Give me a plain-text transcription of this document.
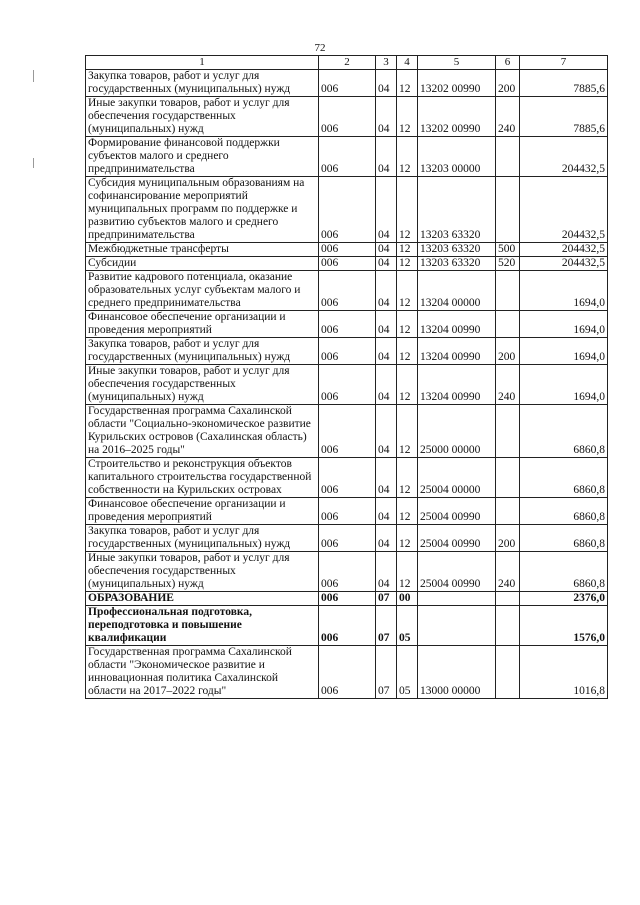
72
1	2	3	4	5	6	7
Закупка товаров, работ и услуг для государственных (муниципальных) нужд	006	04	12	13202 00990	200	7885,6
Иные закупки товаров, работ и услуг для обеспечения государственных (муниципальных) нужд	006	04	12	13202 00990	240	7885,6
Формирование финансовой поддержки субъектов малого и среднего предпринимательства	006	04	12	13203 00000		204432,5
Субсидия муниципальным образованиям на софинансирование мероприятий муниципальных программ по поддержке и развитию субъектов малого и среднего предпринимательства	006	04	12	13203 63320		204432,5
Межбюджетные трансферты	006	04	12	13203 63320	500	204432,5
Субсидии	006	04	12	13203 63320	520	204432,5
Развитие кадрового потенциала, оказание образовательных услуг субъектам малого и среднего предпринимательства	006	04	12	13204 00000		1694,0
Финансовое обеспечение организации и проведения мероприятий	006	04	12	13204 00990		1694,0
Закупка товаров, работ и услуг для государственных (муниципальных) нужд	006	04	12	13204 00990	200	1694,0
Иные закупки товаров, работ и услуг для обеспечения государственных (муниципальных) нужд	006	04	12	13204 00990	240	1694,0
Государственная программа Сахалинской области "Социально-экономическое развитие Курильских островов (Сахалинская область) на 2016–2025 годы"	006	04	12	25000 00000		6860,8
Строительство и реконструкция объектов капитального строительства государственной собственности на Курильских островах	006	04	12	25004 00000		6860,8
Финансовое обеспечение организации и проведения мероприятий	006	04	12	25004 00990		6860,8
Закупка товаров, работ и услуг для государственных (муниципальных) нужд	006	04	12	25004 00990	200	6860,8
Иные закупки товаров, работ и услуг для обеспечения государственных (муниципальных) нужд	006	04	12	25004 00990	240	6860,8
ОБРАЗОВАНИЕ	006	07	00			2376,0
Профессиональная подготовка, переподготовка и повышение квалификации	006	07	05			1576,0
Государственная программа Сахалинской области "Экономическое развитие и инновационная политика Сахалинской области на 2017–2022 годы"	006	07	05	13000 00000		1016,8
